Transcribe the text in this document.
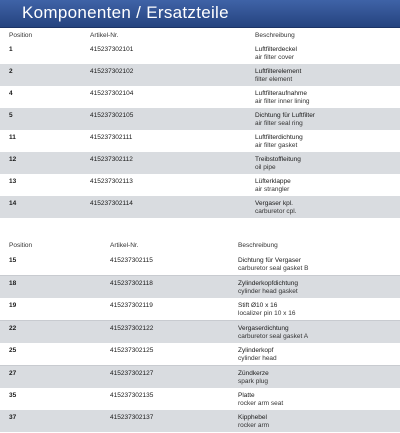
Komponenten / Ersatzteile
Position	Artikel-Nr.	Beschreibung
1	415237302101	Luftfilterdeckel
air filter cover
2	415237302102	Luftfilterelement
filter element
4	415237302104	Luftfilteraufnahme
air filter inner lining
5	415237302105	Dichtung für Luftfilter
air filter seal ring
11	415237302111	Luftfilterdichtung
air filter gasket
12	415237302112	Treibstoffleitung
oil pipe
13	415237302113	Lüfterklappe
air strangler
14	415237302114	Vergaser kpl.
carburetor cpl.
Position	Artikel-Nr.	Beschreibung
15	415237302115	Dichtung für Vergaser
carburetor seal gasket B
18	415237302118	Zylinderkopfdichtung
cylinder head gasket
19	415237302119	Stift Ø10 x 16
localizer pin 10 x 16
22	415237302122	Vergaserdichtung
carburetor seal gasket A
25	415237302125	Zylinderkopf
cylinder head
27	415237302127	Zündkerze
spark plug
35	415237302135	Platte
rocker arm seat
37	415237302137	Kipphebel
rocker arm
